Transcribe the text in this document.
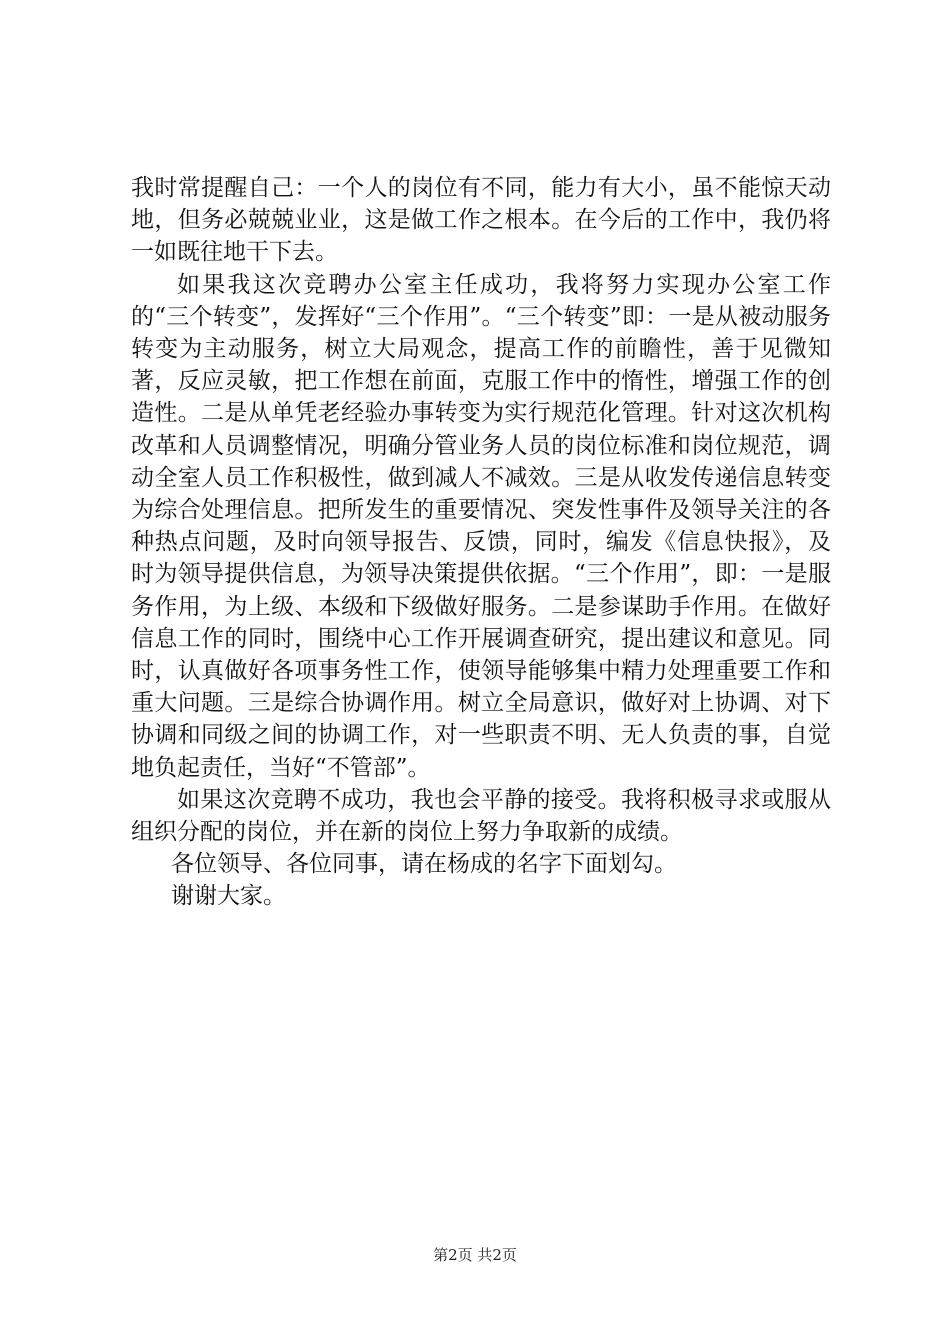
我时常提醒自己：一个人的岗位有不同，能力有大小，虽不能惊天动地，但务必兢兢业业，这是做工作之根本。在今后的工作中，我仍将一如既往地干下去。

如果我这次竞聘办公室主任成功，我将努力实现办公室工作的“三个转变”，发挥好“三个作用”。“三个转变”即：一是从被动服务转变为主动服务，树立大局观念，提高工作的前瞻性，善于见微知著，反应灵敏，把工作想在前面，克服工作中的惰性，增强工作的创造性。二是从单凭老经验办事转变为实行规范化管理。针对这次机构改革和人员调整情况，明确分管业务人员的岗位标准和岗位规范，调动全室人员工作积极性，做到减人不减效。三是从收发传递信息转变为综合处理信息。把所发生的重要情况、突发性事件及领导关注的各种热点问题，及时向领导报告、反馈，同时，编发《信息快报》，及时为领导提供信息，为领导决策提供依据。“三个作用”，即：一是服务作用，为上级、本级和下级做好服务。二是参谋助手作用。在做好信息工作的同时，围绕中心工作开展调查研究，提出建议和意见。同时，认真做好各项事务性工作，使领导能够集中精力处理重要工作和重大问题。三是综合协调作用。树立全局意识，做好对上协调、对下协调和同级之间的协调工作，对一些职责不明、无人负责的事，自觉地负起责任，当好“不管部”。

如果这次竞聘不成功，我也会平静的接受。我将积极寻求或服从组织分配的岗位，并在新的岗位上努力争取新的成绩。

各位领导、各位同事，请在杨成的名字下面划勾。

谢谢大家。

第2页 共2页
